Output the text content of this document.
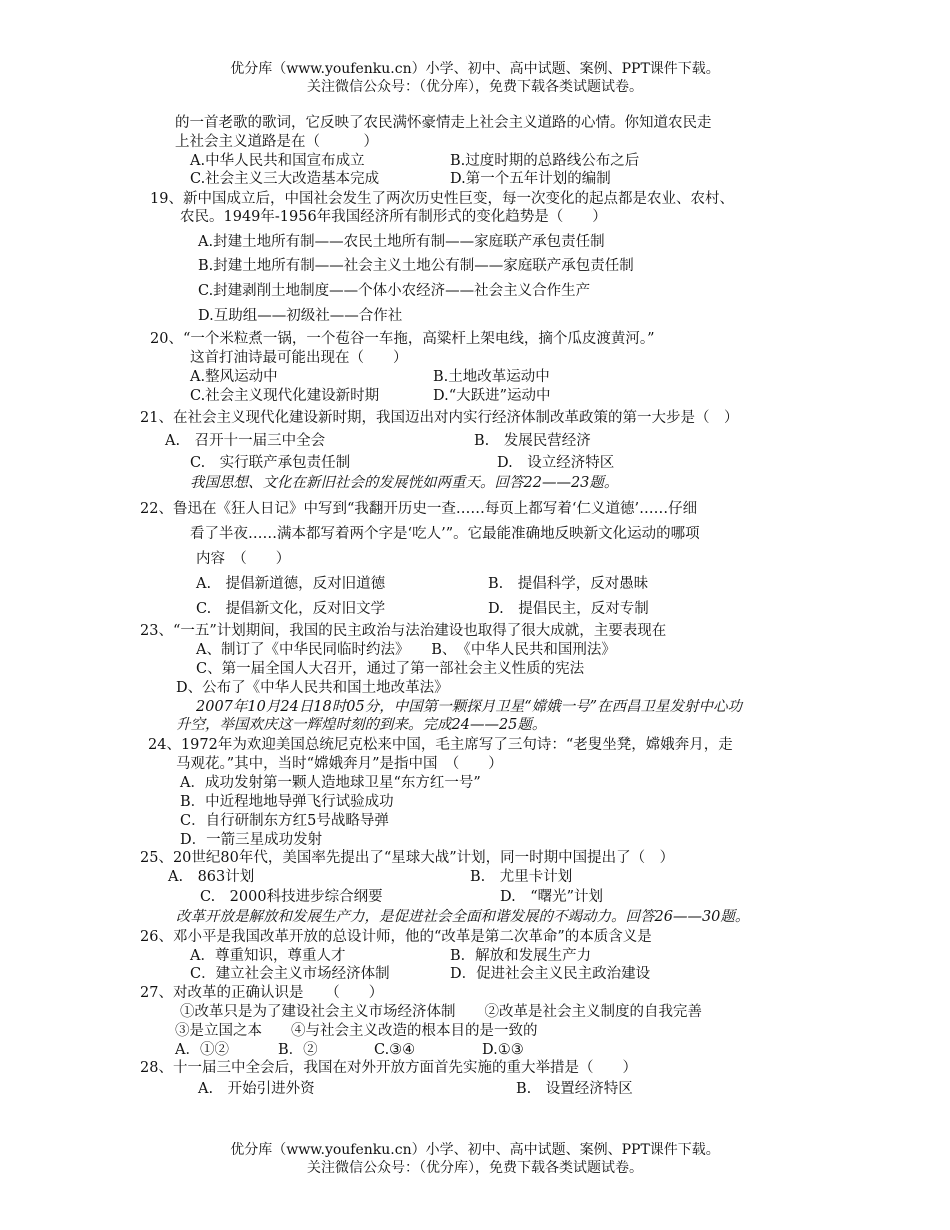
优分库（www.youfenku.cn）小学、初中、高中试题、案例、PPT课件下载。
关注微信公众号：（优分库），免费下载各类试题试卷。
的一首老歌的歌词，它反映了农民满怀豪情走上社会主义道路的心情。你知道农民走
上社会主义道路是在（　　　）
A.中华人民共和国宣布成立	B.过度时期的总路线公布之后
C.社会主义三大改造基本完成	D.第一个五年计划的编制
19、新中国成立后，中国社会发生了两次历史性巨变，每一次变化的起点都是农业、农村、
农民。1949年-1956年我国经济所有制形式的变化趋势是（　　）
A.封建土地所有制——农民土地所有制——家庭联产承包责任制
B.封建土地所有制——社会主义土地公有制——家庭联产承包责任制
C.封建剥削土地制度——个体小农经济——社会主义合作生产
D.互助组——初级社——合作社
20、“一个米粒煮一锅，一个苞谷一车拖，高粱杆上架电线，摘个瓜皮渡黄河。”
这首打油诗最可能出现在（　　）
A.整风运动中	B.土地改革运动中
C.社会主义现代化建设新时期	D.“大跃进”运动中
21、在社会主义现代化建设新时期，我国迈出对内实行经济体制改革政策的第一大步是（　）
A.　召开十一届三中全会	B.　发展民营经济
C.　实行联产承包责任制	D.　设立经济特区
我国思想、文化在新旧社会的发展恍如两重天。回答22——23题。
22、鲁迅在《狂人日记》中写到“我翻开历史一查……每页上都写着‘仁义道德’……仔细
看了半夜……满本都写着两个字是‘吃人’”。它最能准确地反映新文化运动的哪项
内容　（　　）
A.　提倡新道德，反对旧道德	B.　提倡科学，反对愚昧
C.　提倡新文化，反对旧文学	D.　提倡民主，反对专制
23、“一五”计划期间，我国的民主政治与法治建设也取得了很大成就，主要表现在
A、制订了《中华民同临时约法》　　B、　《中华人民共和国刑法》
C、第一届全国人大召开，通过了第一部社会主义性质的宪法
D、公布了《中华人民共和国土地改革法》
2007年10月24日18时05分，中国第一颗探月卫星“嫦娥一号”在西昌卫星发射中心功
升空，举国欢庆这一辉煌时刻的到来。完成24——25题。
24、1972年为欢迎美国总统尼克松来中国，毛主席写了三句诗：“老叟坐凳，嫦娥奔月，走
马观花。”其中，当时“嫦娥奔月”是指中国　（　　）
A．成功发射第一颗人造地球卫星“东方红一号”
B．中近程地地导弹飞行试验成功
C．自行研制东方红5号战略导弹
D．一箭三星成功发射
25、20世纪80年代，美国率先提出了“星球大战”计划，同一时期中国提出了（　）
A.　863计划	B.　尤里卡计划
C.　2000科技进步综合纲要	D.　“曙光”计划
改革开放是解放和发展生产力，是促进社会全面和谐发展的不竭动力。回答26——30题。
26、邓小平是我国改革开放的总设计师，他的“改革是第二次革命”的本质含义是
A．尊重知识，尊重人才	B．解放和发展生产力
C．建立社会主义市场经济体制	D．促进社会主义民主政治建设
27、对改革的正确认识是　　（　　）
①改革只是为了建设社会主义市场经济体制　　②改革是社会主义制度的自我完善
③是立国之本　　④与社会主义改造的根本目的是一致的
A．①②	B．②	C.③④	D.①③
28、十一届三中全会后，我国在对外开放方面首先实施的重大举措是（　　）
A.　开始引进外资	B.　设置经济特区
优分库（www.youfenku.cn）小学、初中、高中试题、案例、PPT课件下载。
关注微信公众号：（优分库），免费下载各类试题试卷。
